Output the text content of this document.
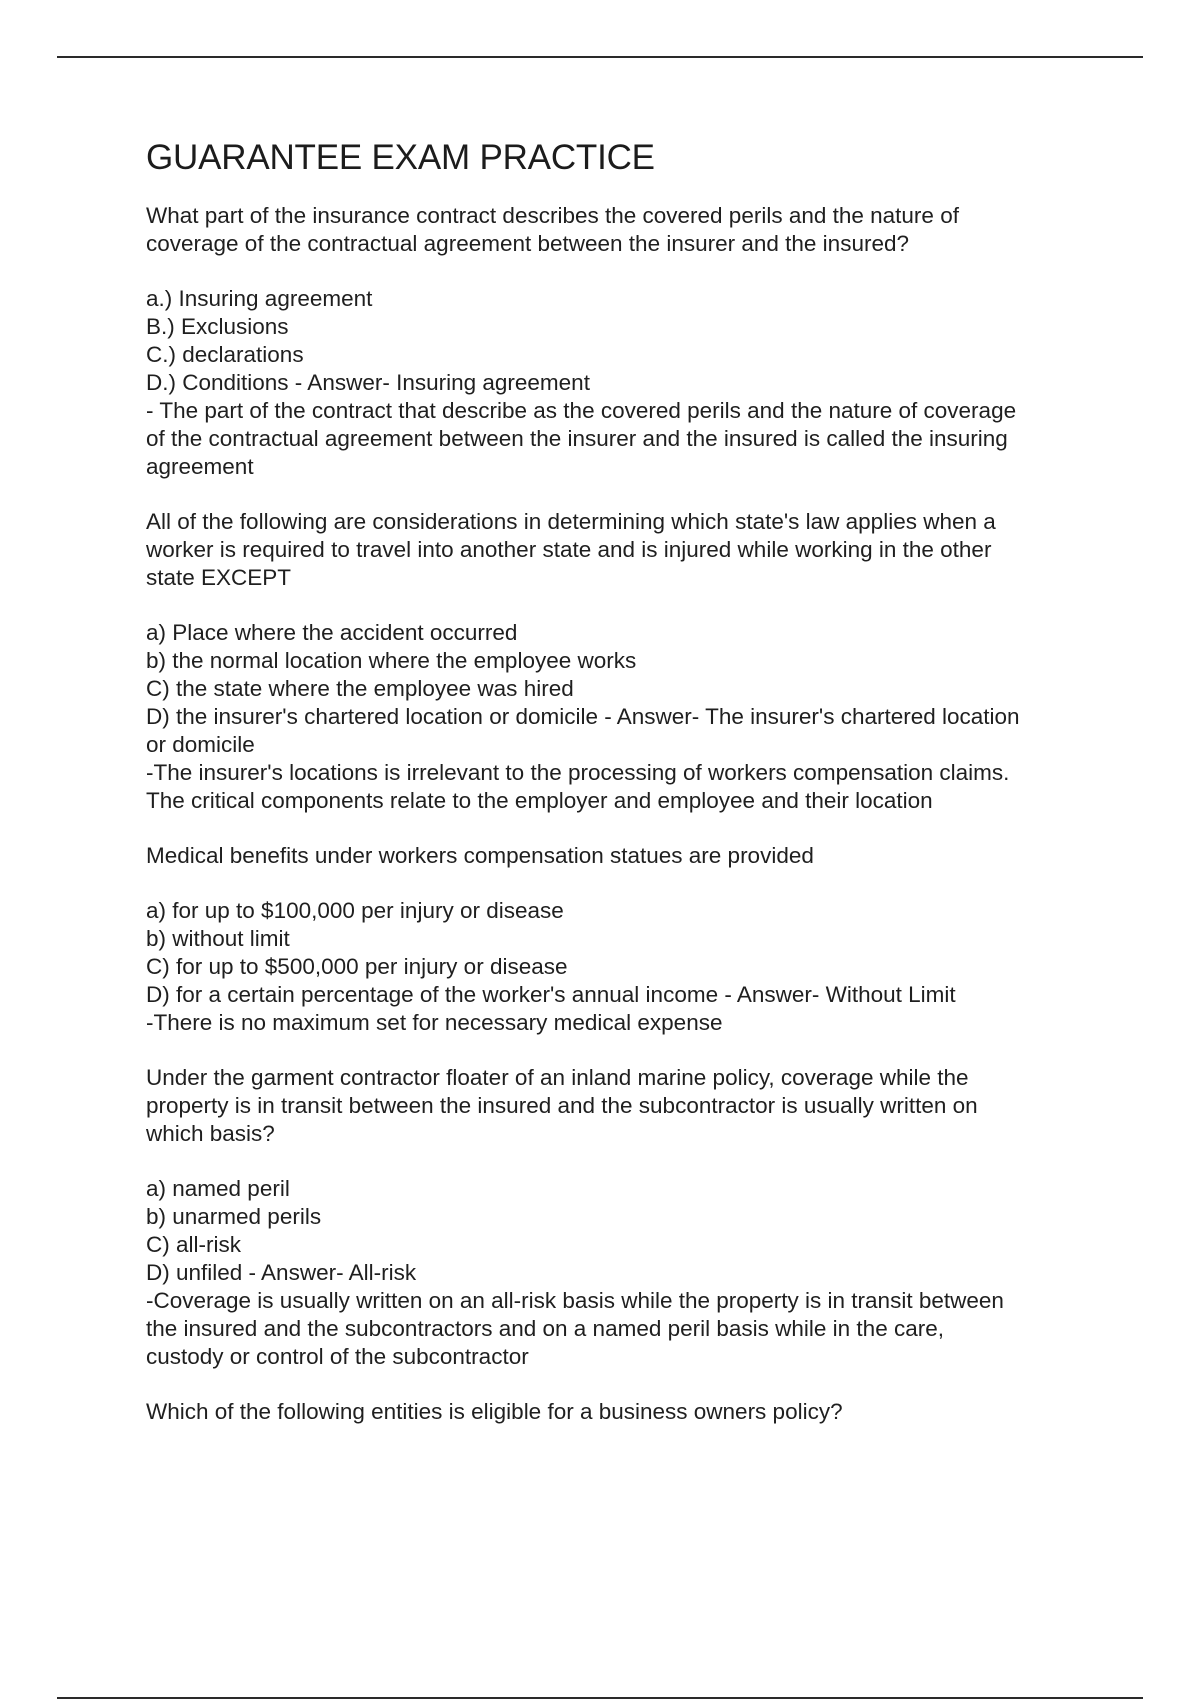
GUARANTEE EXAM PRACTICE
What part of the insurance contract describes the covered perils and the nature of
coverage of the contractual agreement between the insurer and the insured?
a.) Insuring agreement
B.) Exclusions
C.) declarations
D.) Conditions - Answer- Insuring agreement
- The part of the contract that describe as the covered perils and the nature of coverage
of the contractual agreement between the insurer and the insured is called the insuring
agreement
All of the following are considerations in determining which state's law applies when a
worker is required to travel into another state and is injured while working in the other
state EXCEPT
a) Place where the accident occurred
b) the normal location where the employee works
C) the state where the employee was hired
D) the insurer's chartered location or domicile - Answer- The insurer's chartered location
or domicile
-The insurer's locations is irrelevant to the processing of workers compensation claims.
The critical components relate to the employer and employee and their location
Medical benefits under workers compensation statues are provided
a) for up to $100,000 per injury or disease
b) without limit
C) for up to $500,000 per injury or disease
D) for a certain percentage of the worker's annual income - Answer- Without Limit
-There is no maximum set for necessary medical expense
Under the garment contractor floater of an inland marine policy, coverage while the
property is in transit between the insured and the subcontractor is usually written on
which basis?
a) named peril
b) unarmed perils
C) all-risk
D) unfiled - Answer- All-risk
-Coverage is usually written on an all-risk basis while the property is in transit between
the insured and the subcontractors and on a named peril basis while in the care,
custody or control of the subcontractor
Which of the following entities is eligible for a business owners policy?
